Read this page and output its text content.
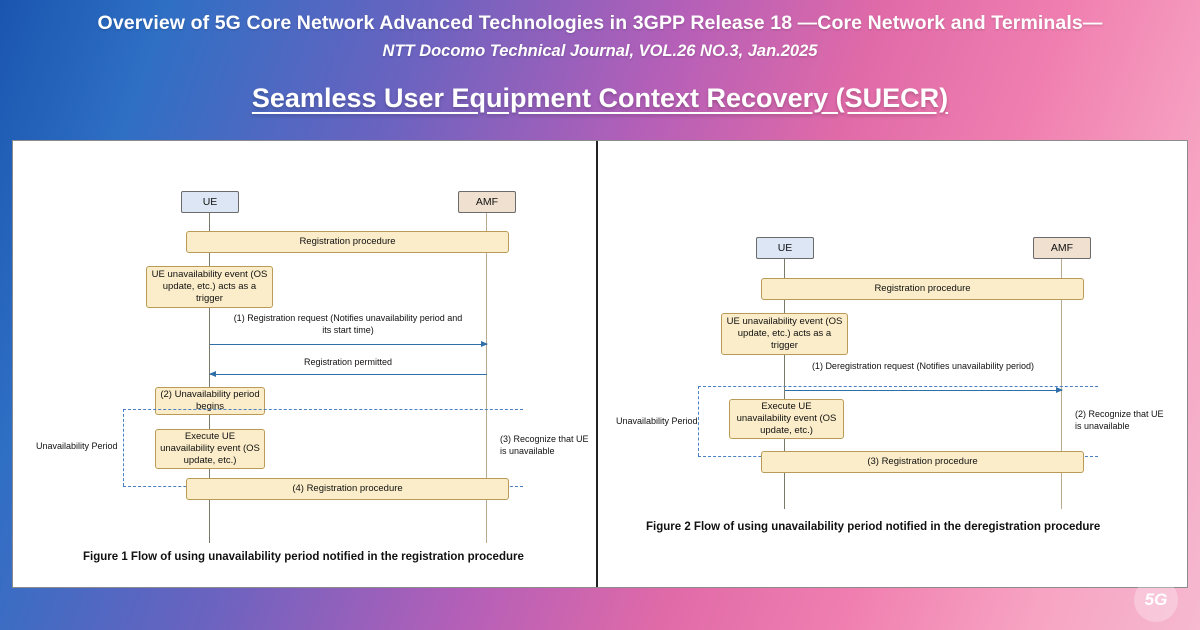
Overview of 5G Core Network Advanced Technologies in 3GPP Release 18 —Core Network and Terminals—
NTT Docomo Technical Journal, VOL.26 NO.3, Jan.2025
Seamless User Equipment Context Recovery (SUECR)
UE	AMF
Registration procedure
UE unavailability event (OS update, etc.) acts as a trigger
(1) Registration request (Notifies unavailability period and its start time)
Registration permitted
(2) Unavailability period begins
Unavailability Period
Execute UE unavailability event (OS update, etc.)
(3) Recognize that UE is unavailable
(4) Registration procedure
Figure 1 Flow of using unavailability period notified in the registration procedure
UE	AMF
Registration procedure
UE unavailability event (OS update, etc.) acts as a trigger
(1) Deregistration request (Notifies unavailability period)
Unavailability Period
Execute UE unavailability event (OS update, etc.)
(2) Recognize that UE is unavailable
(3) Registration procedure
Figure 2 Flow of using unavailability period notified in the deregistration procedure
5G
